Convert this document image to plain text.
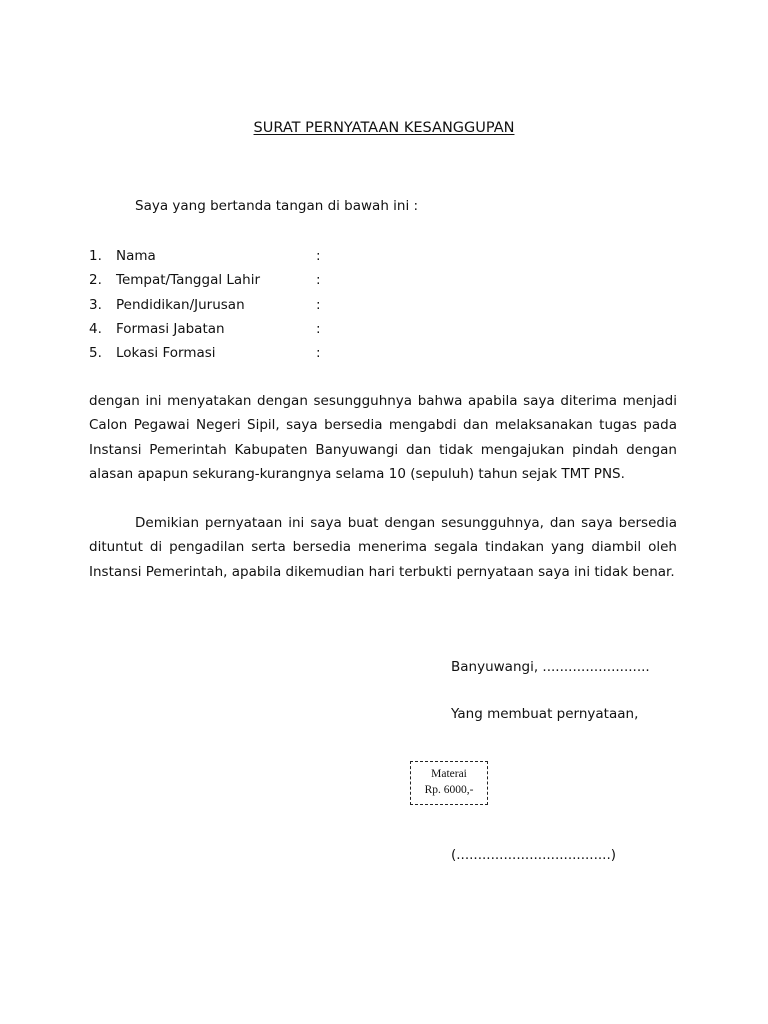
SURAT PERNYATAAN KESANGGUPAN
Saya yang bertanda tangan di bawah ini :
1. Nama	:
2. Tempat/Tanggal Lahir	:
3. Pendidikan/Jurusan	:
4. Formasi Jabatan	:
5. Lokasi Formasi	:

dengan ini menyatakan dengan sesungguhnya bahwa apabila saya diterima menjadi Calon Pegawai Negeri Sipil, saya bersedia mengabdi dan melaksanakan tugas pada Instansi Pemerintah Kabupaten Banyuwangi dan tidak mengajukan pindah dengan alasan apapun sekurang-kurangnya selama 10 (sepuluh) tahun sejak TMT PNS.

Demikian pernyataan ini saya buat dengan sesungguhnya, dan saya bersedia dituntut di pengadilan serta bersedia menerima segala tindakan yang diambil oleh Instansi Pemerintah, apabila dikemudian hari terbukti pernyataan saya ini tidak benar.

Banyuwangi, .........................
Yang membuat pernyataan,
Materai
Rp. 6000,-
(....................................)
